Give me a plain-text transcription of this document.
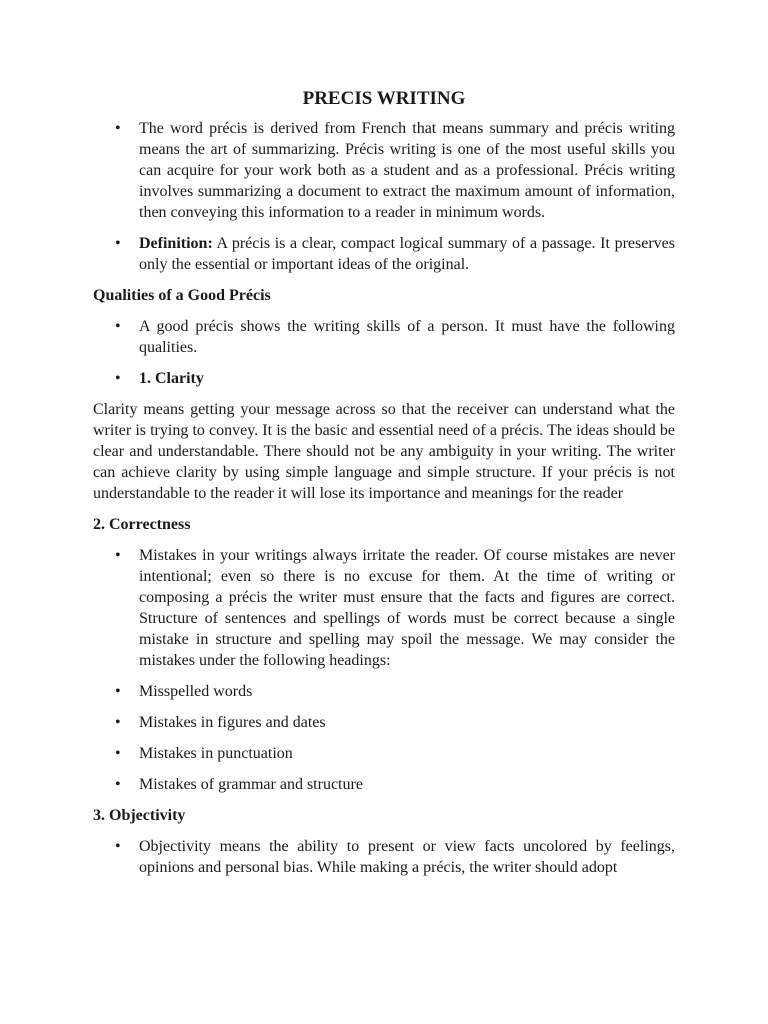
PRECIS WRITING
• The word précis is derived from French that means summary and précis writing means the art of summarizing. Précis writing is one of the most useful skills you can acquire for your work both as a student and as a professional. Précis writing involves summarizing a document to extract the maximum amount of information, then conveying this information to a reader in minimum words.
• Definition: A précis is a clear, compact logical summary of a passage. It preserves only the essential or important ideas of the original.
Qualities of a Good Précis
• A good précis shows the writing skills of a person. It must have the following qualities.
• 1. Clarity
Clarity means getting your message across so that the receiver can understand what the writer is trying to convey. It is the basic and essential need of a précis. The ideas should be clear and understandable. There should not be any ambiguity in your writing. The writer can achieve clarity by using simple language and simple structure. If your précis is not understandable to the reader it will lose its importance and meanings for the reader
2. Correctness
• Mistakes in your writings always irritate the reader. Of course mistakes are never intentional; even so there is no excuse for them. At the time of writing or composing a précis the writer must ensure that the facts and figures are correct. Structure of sentences and spellings of words must be correct because a single mistake in structure and spelling may spoil the message. We may consider the mistakes under the following headings:
• Misspelled words
• Mistakes in figures and dates
• Mistakes in punctuation
• Mistakes of grammar and structure
3. Objectivity
• Objectivity means the ability to present or view facts uncolored by feelings, opinions and personal bias. While making a précis, the writer should adopt
